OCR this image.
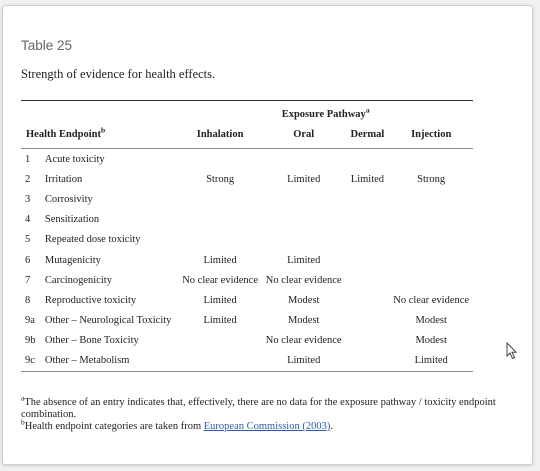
Table 25
Strength of evidence for health effects.
		Exposure Pathway$^a$
Health Endpoint$^b$		Inhalation	Oral	Dermal	Injection
1	Acute toxicity				
2	Irritation	Strong	Limited	Limited	Strong
3	Corrosivity				
4	Sensitization				
5	Repeated dose toxicity				
6	Mutagenicity	Limited	Limited		
7	Carcinogenicity	No clear evidence	No clear evidence		
8	Reproductive toxicity	Limited	Modest		No clear evidence
9a	Other – Neurological Toxicity	Limited	Modest		Modest
9b	Other – Bone Toxicity		No clear evidence		Modest
9c	Other – Metabolism		Limited		Limited

$^a$The absence of an entry indicates that, effectively, there are no data for the exposure pathway / toxicity endpoint combination.

$^b$Health endpoint categories are taken from European Commission (2003).
